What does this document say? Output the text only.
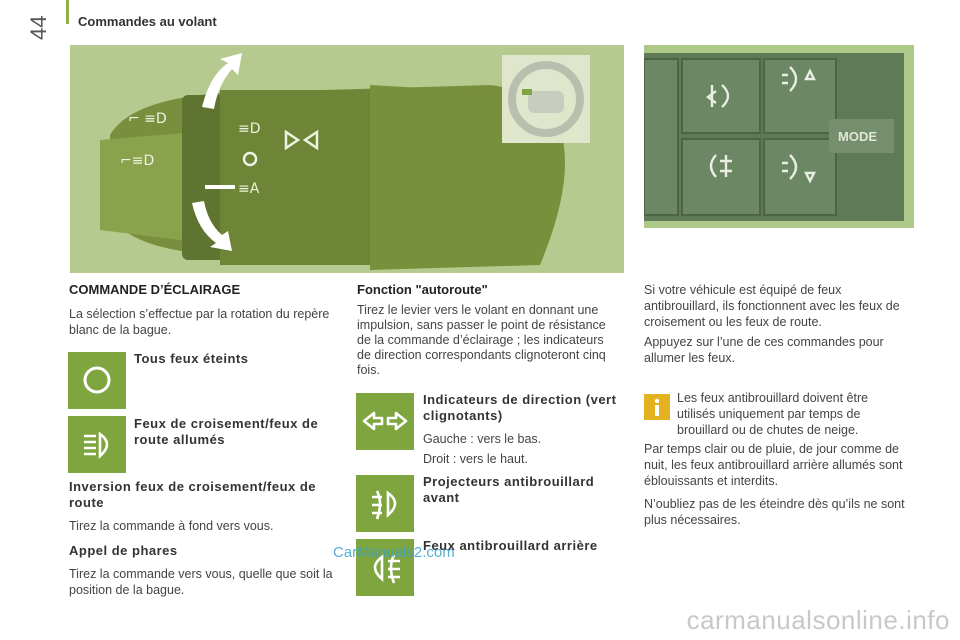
44 Commandes au volant
⌐ ≡D
⌐≡D
≡D
≡A
MODE
COMMANDE D’ÉCLAIRAGE
La sélection s’effectue par la rotation du repère blanc de la bague.
Tous feux éteints
Feux de croisement/feux de route allumés
Inversion feux de croisement/feux de route
Tirez la commande à fond vers vous.
Appel de phares
Tirez la commande vers vous, quelle que soit la position de la bague.
Fonction "autoroute"
Tirez le levier vers le volant en donnant une impulsion, sans passer le point de résistance de la commande d’éclairage ; les indicateurs de direction correspondants clignoteront cinq fois.
Indicateurs de direction (vert clignotants)
Gauche : vers le bas.
Droit : vers le haut.
Projecteurs antibrouillard avant
Feux antibrouillard arrière
CarManuals2.com
Si votre véhicule est équipé de feux antibrouillard, ils fonctionnent avec les feux de croisement ou les feux de route.
Appuyez sur l’une de ces commandes pour allumer les feux.
Les feux antibrouillard doivent être utilisés uniquement par temps de brouillard ou de chutes de neige.
Par temps clair ou de pluie, de jour comme de nuit, les feux antibrouillard arrière allumés sont éblouissants et interdits.
N’oubliez pas de les éteindre dès qu’ils ne sont plus nécessaires.
carmanualsonline.info
